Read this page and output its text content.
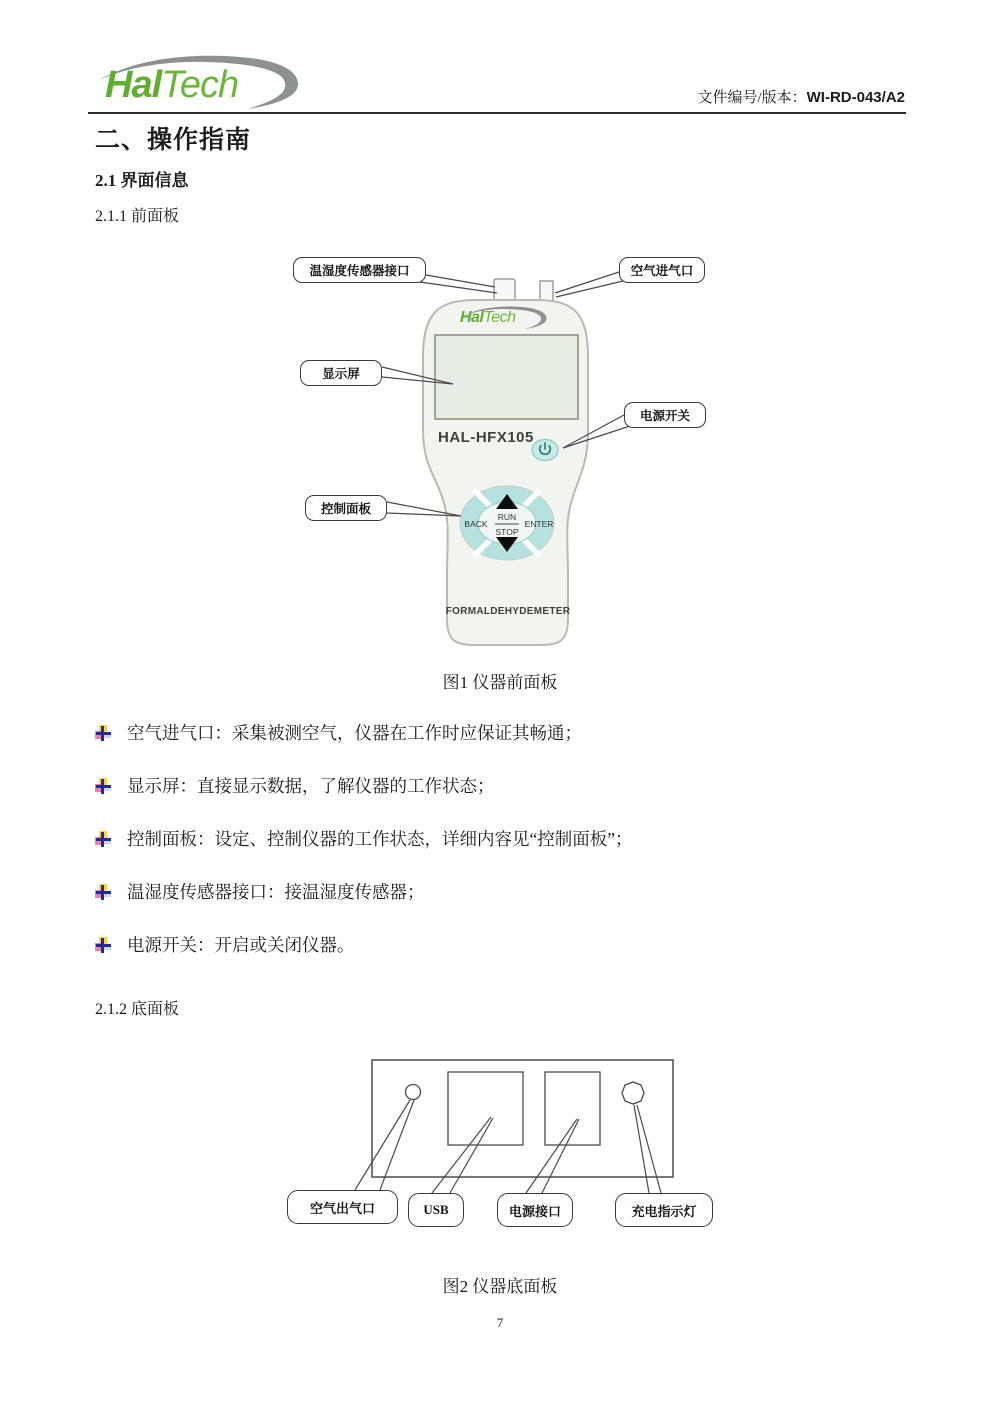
HalTech	文件编号/版本：WI-RD-043/A2
二、操作指南
2.1 界面信息
2.1.1 前面板
HAL-HFX105
BACK	ENTER
RUN
STOP
FORMALDEHYDEMETER
HalTech
温湿度传感器接口	空气进气口
显示屏
电源开关
控制面板
图1 仪器前面板
空气进气口：采集被测空气，仪器在工作时应保证其畅通；
显示屏：直接显示数据，了解仪器的工作状态；
控制面板：设定、控制仪器的工作状态，详细内容见“控制面板”；
温湿度传感器接口：接温湿度传感器；
电源开关：开启或关闭仪器。
2.1.2 底面板
空气出气口	USB	电源接口	充电指示灯
图2 仪器底面板
7
